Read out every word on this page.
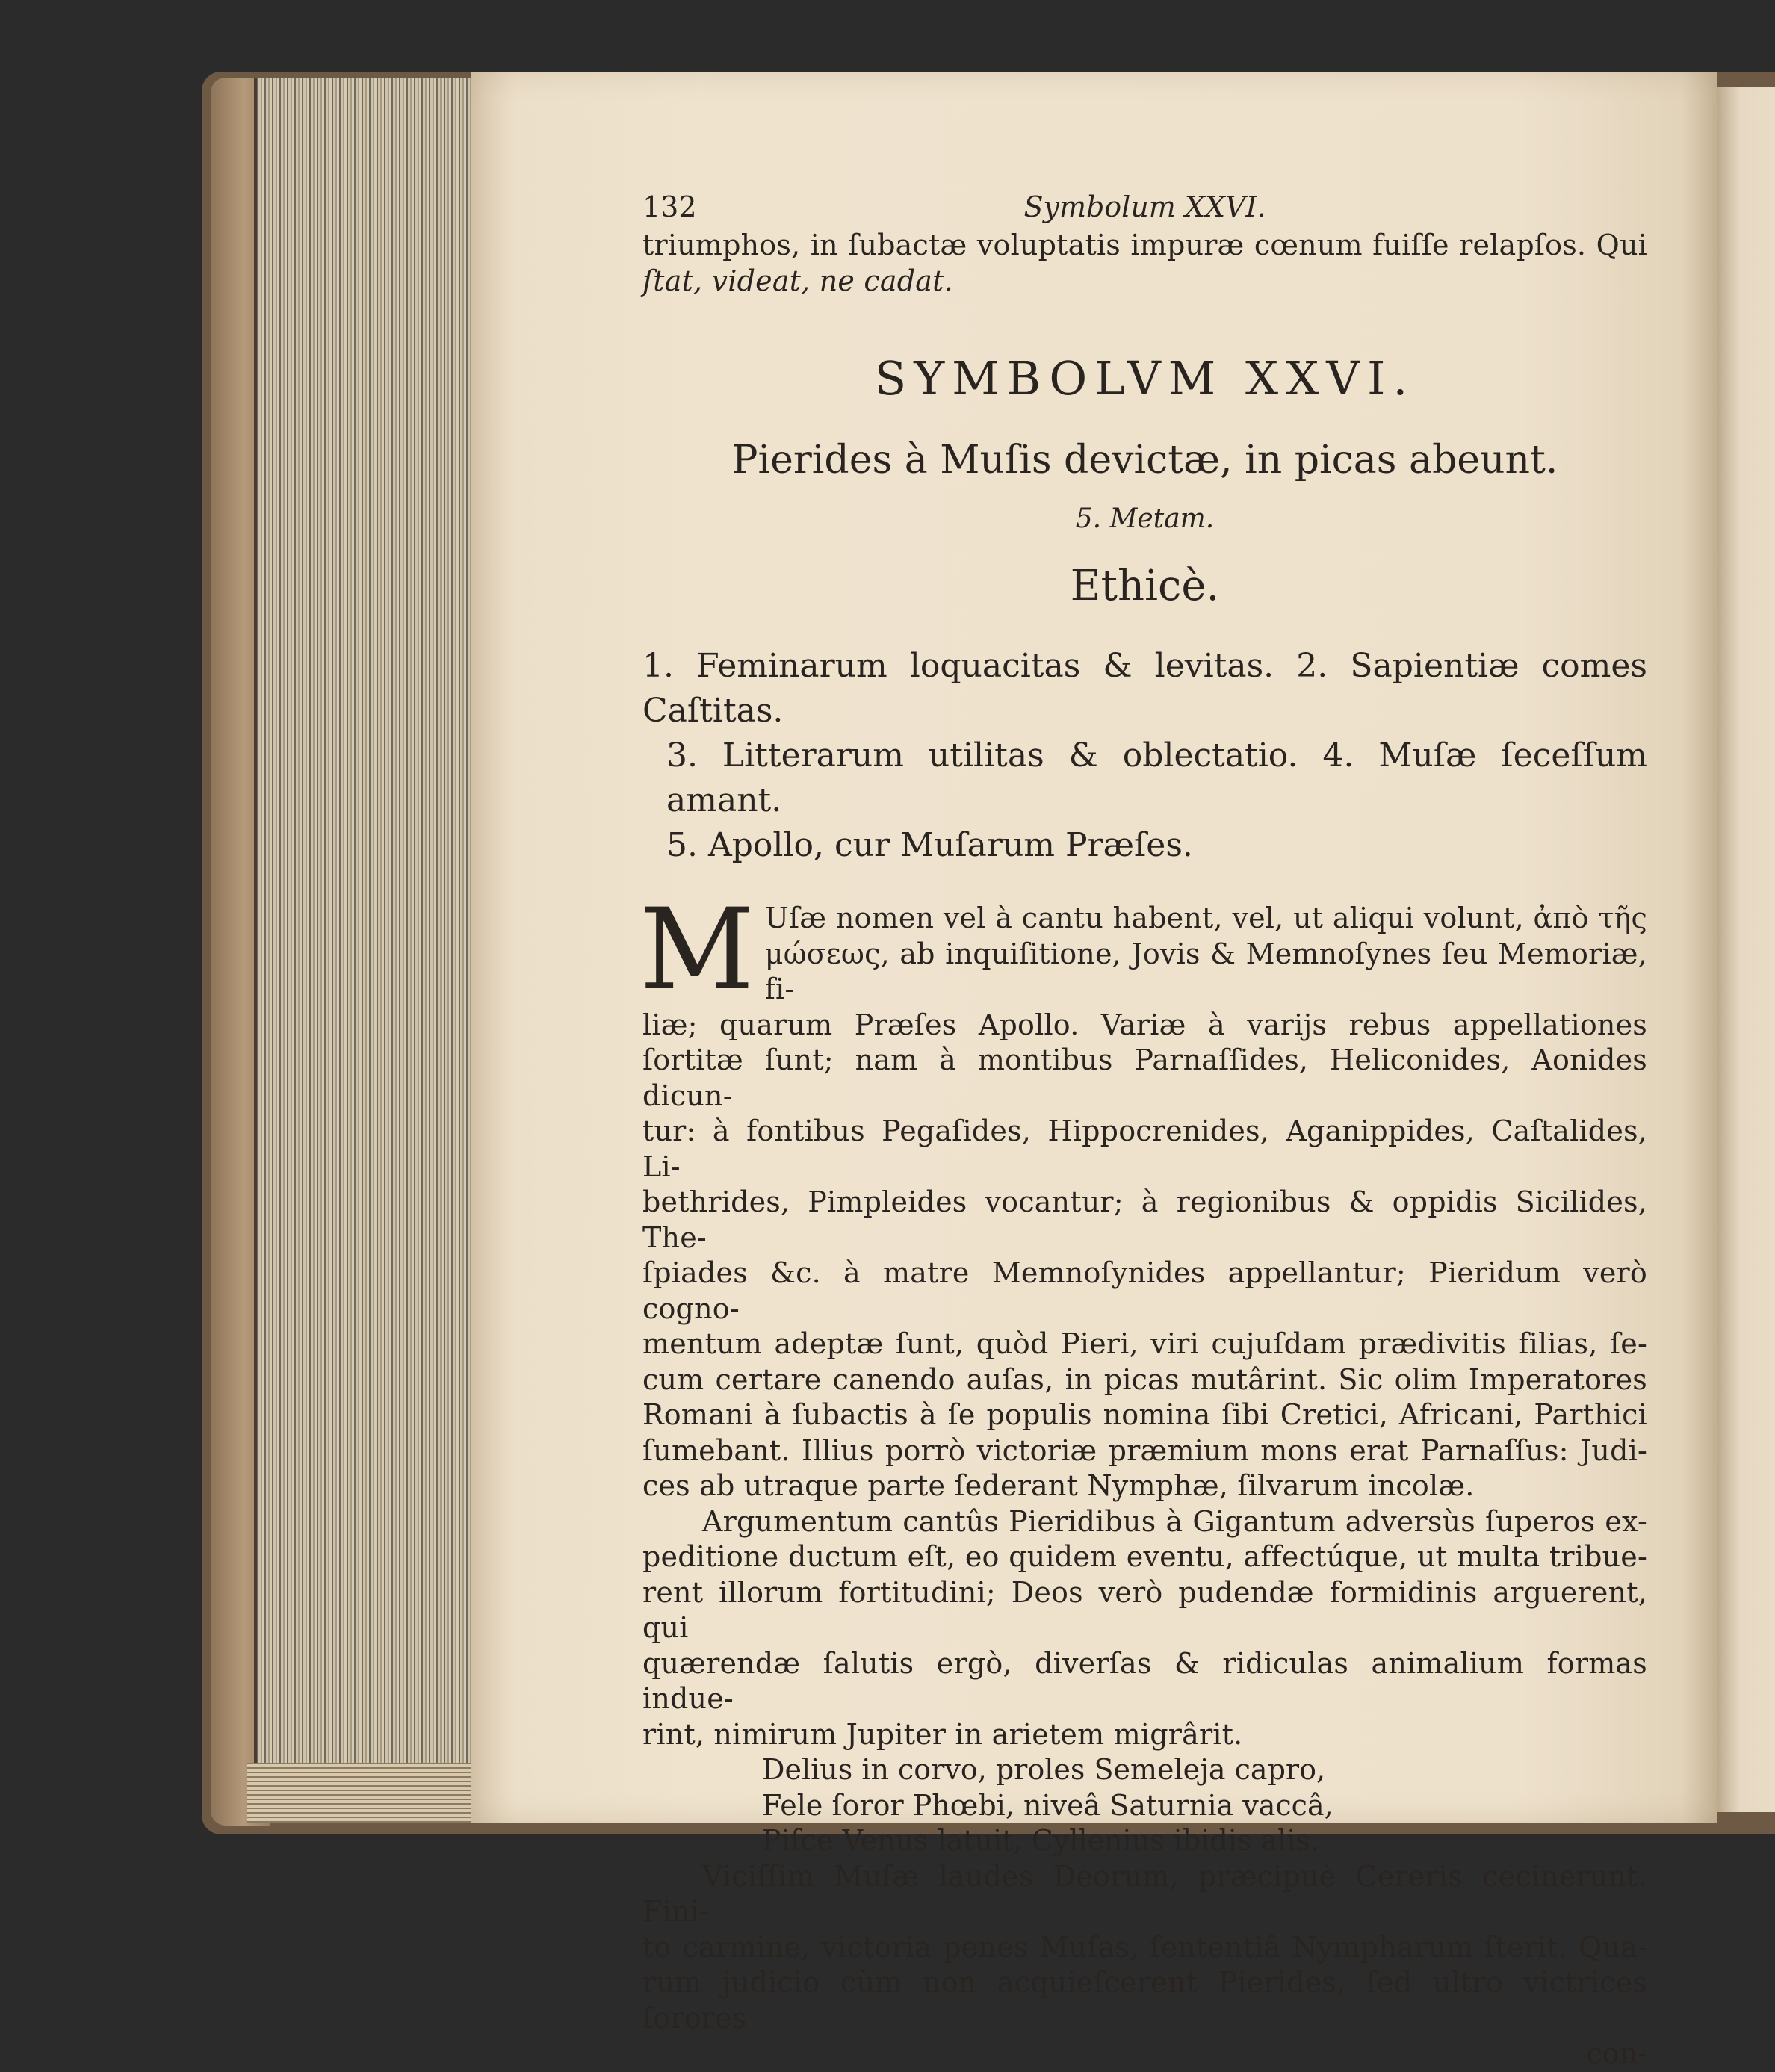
132	Symbolum XXVI.

triumphos, in ſubactæ voluptatis impuræ cœnum fuiſſe relapſos. Qui

ſtat, videat, ne cadat.

SYMBOLVM XXVI.
Pierides à Muſis devictæ, in picas abeunt.
5. Metam.
Ethicè.
1. Feminarum loquacitas & levitas. 2. Sapientiæ comes Caſtitas.
3. Litterarum utilitas & oblectatio. 4. Muſæ ſeceſſum amant.
5. Apollo, cur Muſarum Præſes.
M Uſæ nomen vel à cantu habent, vel, ut aliqui volunt, ἀπὸ τῆς

μώσεως, ab inquiſitione, Jovis & Memnoſynes ſeu Memoriæ, fi-

liæ; quarum Præſes Apollo. Variæ à varijs rebus appellationes

ſortitæ ſunt; nam à montibus Parnaſſides, Heliconides, Aonides dicun-

tur: à fontibus Pegaſides, Hippocrenides, Aganippides, Caſtalides, Li-

bethrides, Pimpleides vocantur; à regionibus & oppidis Sicilides, The-

ſpiades &c. à matre Memnoſynides appellantur; Pieridum verò cogno-

mentum adeptæ ſunt, quòd Pieri, viri cujuſdam prædivitis filias, ſe-

cum certare canendo auſas, in picas mutârint. Sic olim Imperatores

Romani à ſubactis à ſe populis nomina ſibi Cretici, Africani, Parthici

ſumebant. Illius porrò victoriæ præmium mons erat Parnaſſus: Judi-

ces ab utraque parte ſederant Nymphæ, ſilvarum incolæ.

Argumentum cantûs Pieridibus à Gigantum adversùs ſuperos ex-

peditione ductum eſt, eo quidem eventu, affectúque, ut multa tribue-

rent illorum fortitudini; Deos verò pudendæ formidinis arguerent, qui

quærendæ ſalutis ergò, diverſas & ridiculas animalium formas indue-

rint, nimirum Jupiter in arietem migrârit.

Delius in corvo, proles Semeleja capro,

Fele ſoror Phœbi, niveâ Saturnia vaccâ,

Piſce Venus latuit, Cyllenius ibidis alis.

Viciſſim Muſæ laudes Deorum, præcipuè Cereris cecinerunt. Fini-

to carmine, victoria penes Muſas, ſententiâ Nympharum ſterit. Qua-

rum judicio cùm non acquieſcerent Pierides, ſed ultro victrices ſorores

con-
